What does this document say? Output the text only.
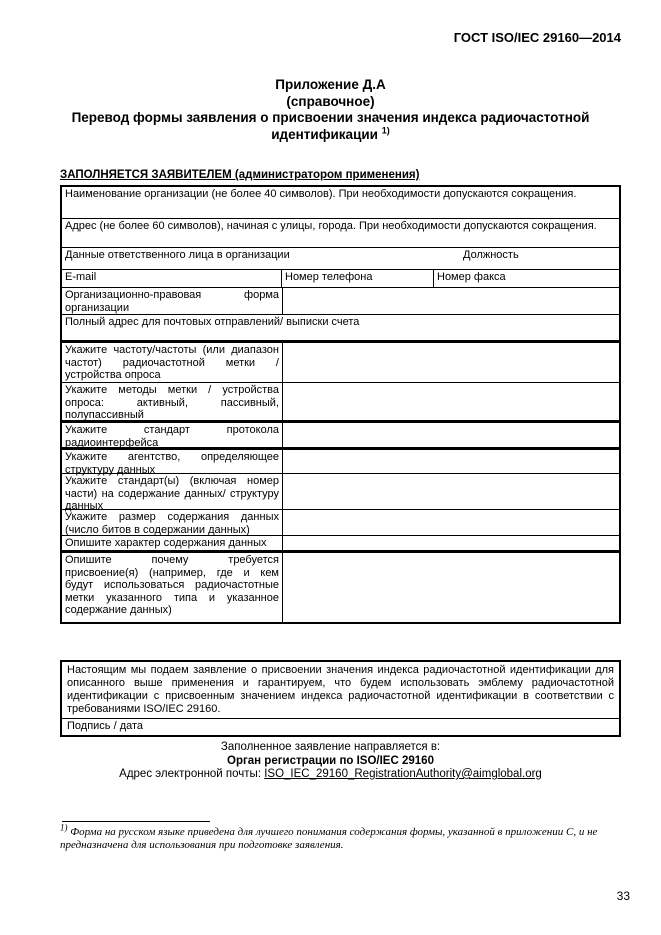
ГОСТ ISO/IEC 29160—2014
Приложение Д.А
(справочное)
Перевод формы заявления о присвоении значения индекса радиочастотной идентификации $^{1)}$
ЗАПОЛНЯЕТСЯ ЗАЯВИТЕЛЕМ (администратором применения)
Наименование организации (не более 40 символов). При необходимости допускаются сокращения.
Адрес (не более 60 символов), начиная с улицы, города. При необходимости допускаются сокращения.
Данные ответственного лица в организации	Должность
E-mail	Номер телефона	Номер факса
Организационно-правовая форма организации
Полный адрес для почтовых отправлений/ выписки счета
Укажите частоту/частоты (или диапазон частот) радиочастотной метки /устройства опроса
Укажите методы метки / устройства опроса: активный, пассивный, полупассивный
Укажите стандарт протокола радиоинтерфейса
Укажите агентство, определяющее структуру данных
Укажите стандарт(ы) (включая номер части) на содержание данных/ структуру данных
Укажите размер содержания данных (число битов в содержании данных)
Опишите характер содержания данных
Опишите почему требуется присвоение(я) (например, где и кем будут использоваться радиочастотные метки указанного типа и указанное содержание данных)
Настоящим мы подаем заявление о присвоении значения индекса радиочастотной идентификации для описанного выше применения и гарантируем, что будем использовать эмблему радиочастотной идентификации с присвоенным значением индекса радиочастотной идентификации в соответствии с требованиями ISO/IEC 29160.
Подпись / дата
Заполненное заявление направляется в:
Орган регистрации по ISO/IEC 29160
Адрес электронной почты: ISO_IEC_29160_RegistrationAuthority@aimglobal.org
$^{1)}$ Форма на русском языке приведена для лучшего понимания содержания формы, указанной в приложении С, и не предназначена для использования при подготовке заявления.
33
